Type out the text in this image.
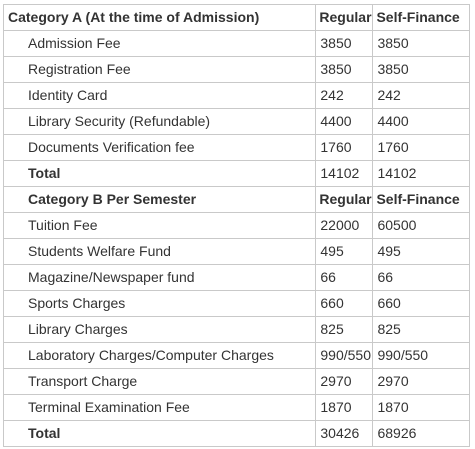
Category A (At the time of Admission)	Regular	Self-Finance
Admission Fee	3850	3850
Registration Fee	3850	3850
Identity Card	242	242
Library Security (Refundable)	4400	4400
Documents Verification fee	1760	1760
Total	14102	14102
Category B Per Semester	Regular	Self-Finance
Tuition Fee	22000	60500
Students Welfare Fund	495	495
Magazine/Newspaper fund	66	66
Sports Charges	660	660
Library Charges	825	825
Laboratory Charges/Computer Charges	990/550	990/550
Transport Charge	2970	2970
Terminal Examination Fee	1870	1870
Total	30426	68926
